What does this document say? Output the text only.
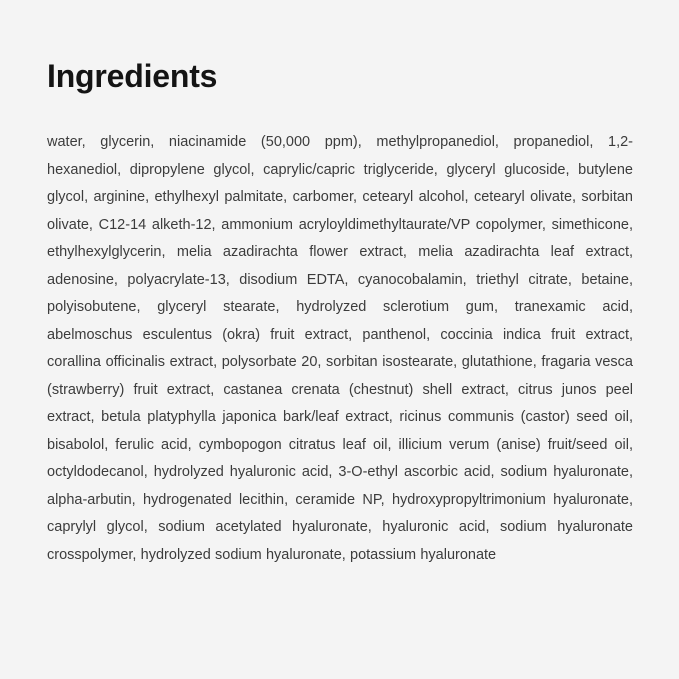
Ingredients

water, glycerin, niacinamide (50,000 ppm), methylpropanediol, propanediol, 1,2-hexanediol, dipropylene glycol, caprylic/capric triglyceride, glyceryl glucoside, butylene glycol, arginine, ethylhexyl palmitate, carbomer, cetearyl alcohol, cetearyl olivate, sorbitan olivate, C12-14 alketh-12, ammonium acryloyldimethyltaurate/VP copolymer, simethicone, ethylhexylglycerin, melia azadirachta flower extract, melia azadirachta leaf extract, adenosine, polyacrylate-13, disodium EDTA, cyanocobalamin, triethyl citrate, betaine, polyisobutene, glyceryl stearate, hydrolyzed sclerotium gum, tranexamic acid, abelmoschus esculentus (okra) fruit extract, panthenol, coccinia indica fruit extract, corallina officinalis extract, polysorbate 20, sorbitan isostearate, glutathione, fragaria vesca (strawberry) fruit extract, castanea crenata (chestnut) shell extract, citrus junos peel extract, betula platyphylla japonica bark/leaf extract, ricinus communis (castor) seed oil, bisabolol, ferulic acid, cymbopogon citratus leaf oil, illicium verum (anise) fruit/seed oil, octyldodecanol, hydrolyzed hyaluronic acid, 3-O-ethyl ascorbic acid, sodium hyaluronate, alpha-arbutin, hydrogenated lecithin, ceramide NP, hydroxypropyltrimonium hyaluronate, caprylyl glycol, sodium acetylated hyaluronate, hyaluronic acid, sodium hyaluronate crosspolymer, hydrolyzed sodium hyaluronate, potassium hyaluronate
